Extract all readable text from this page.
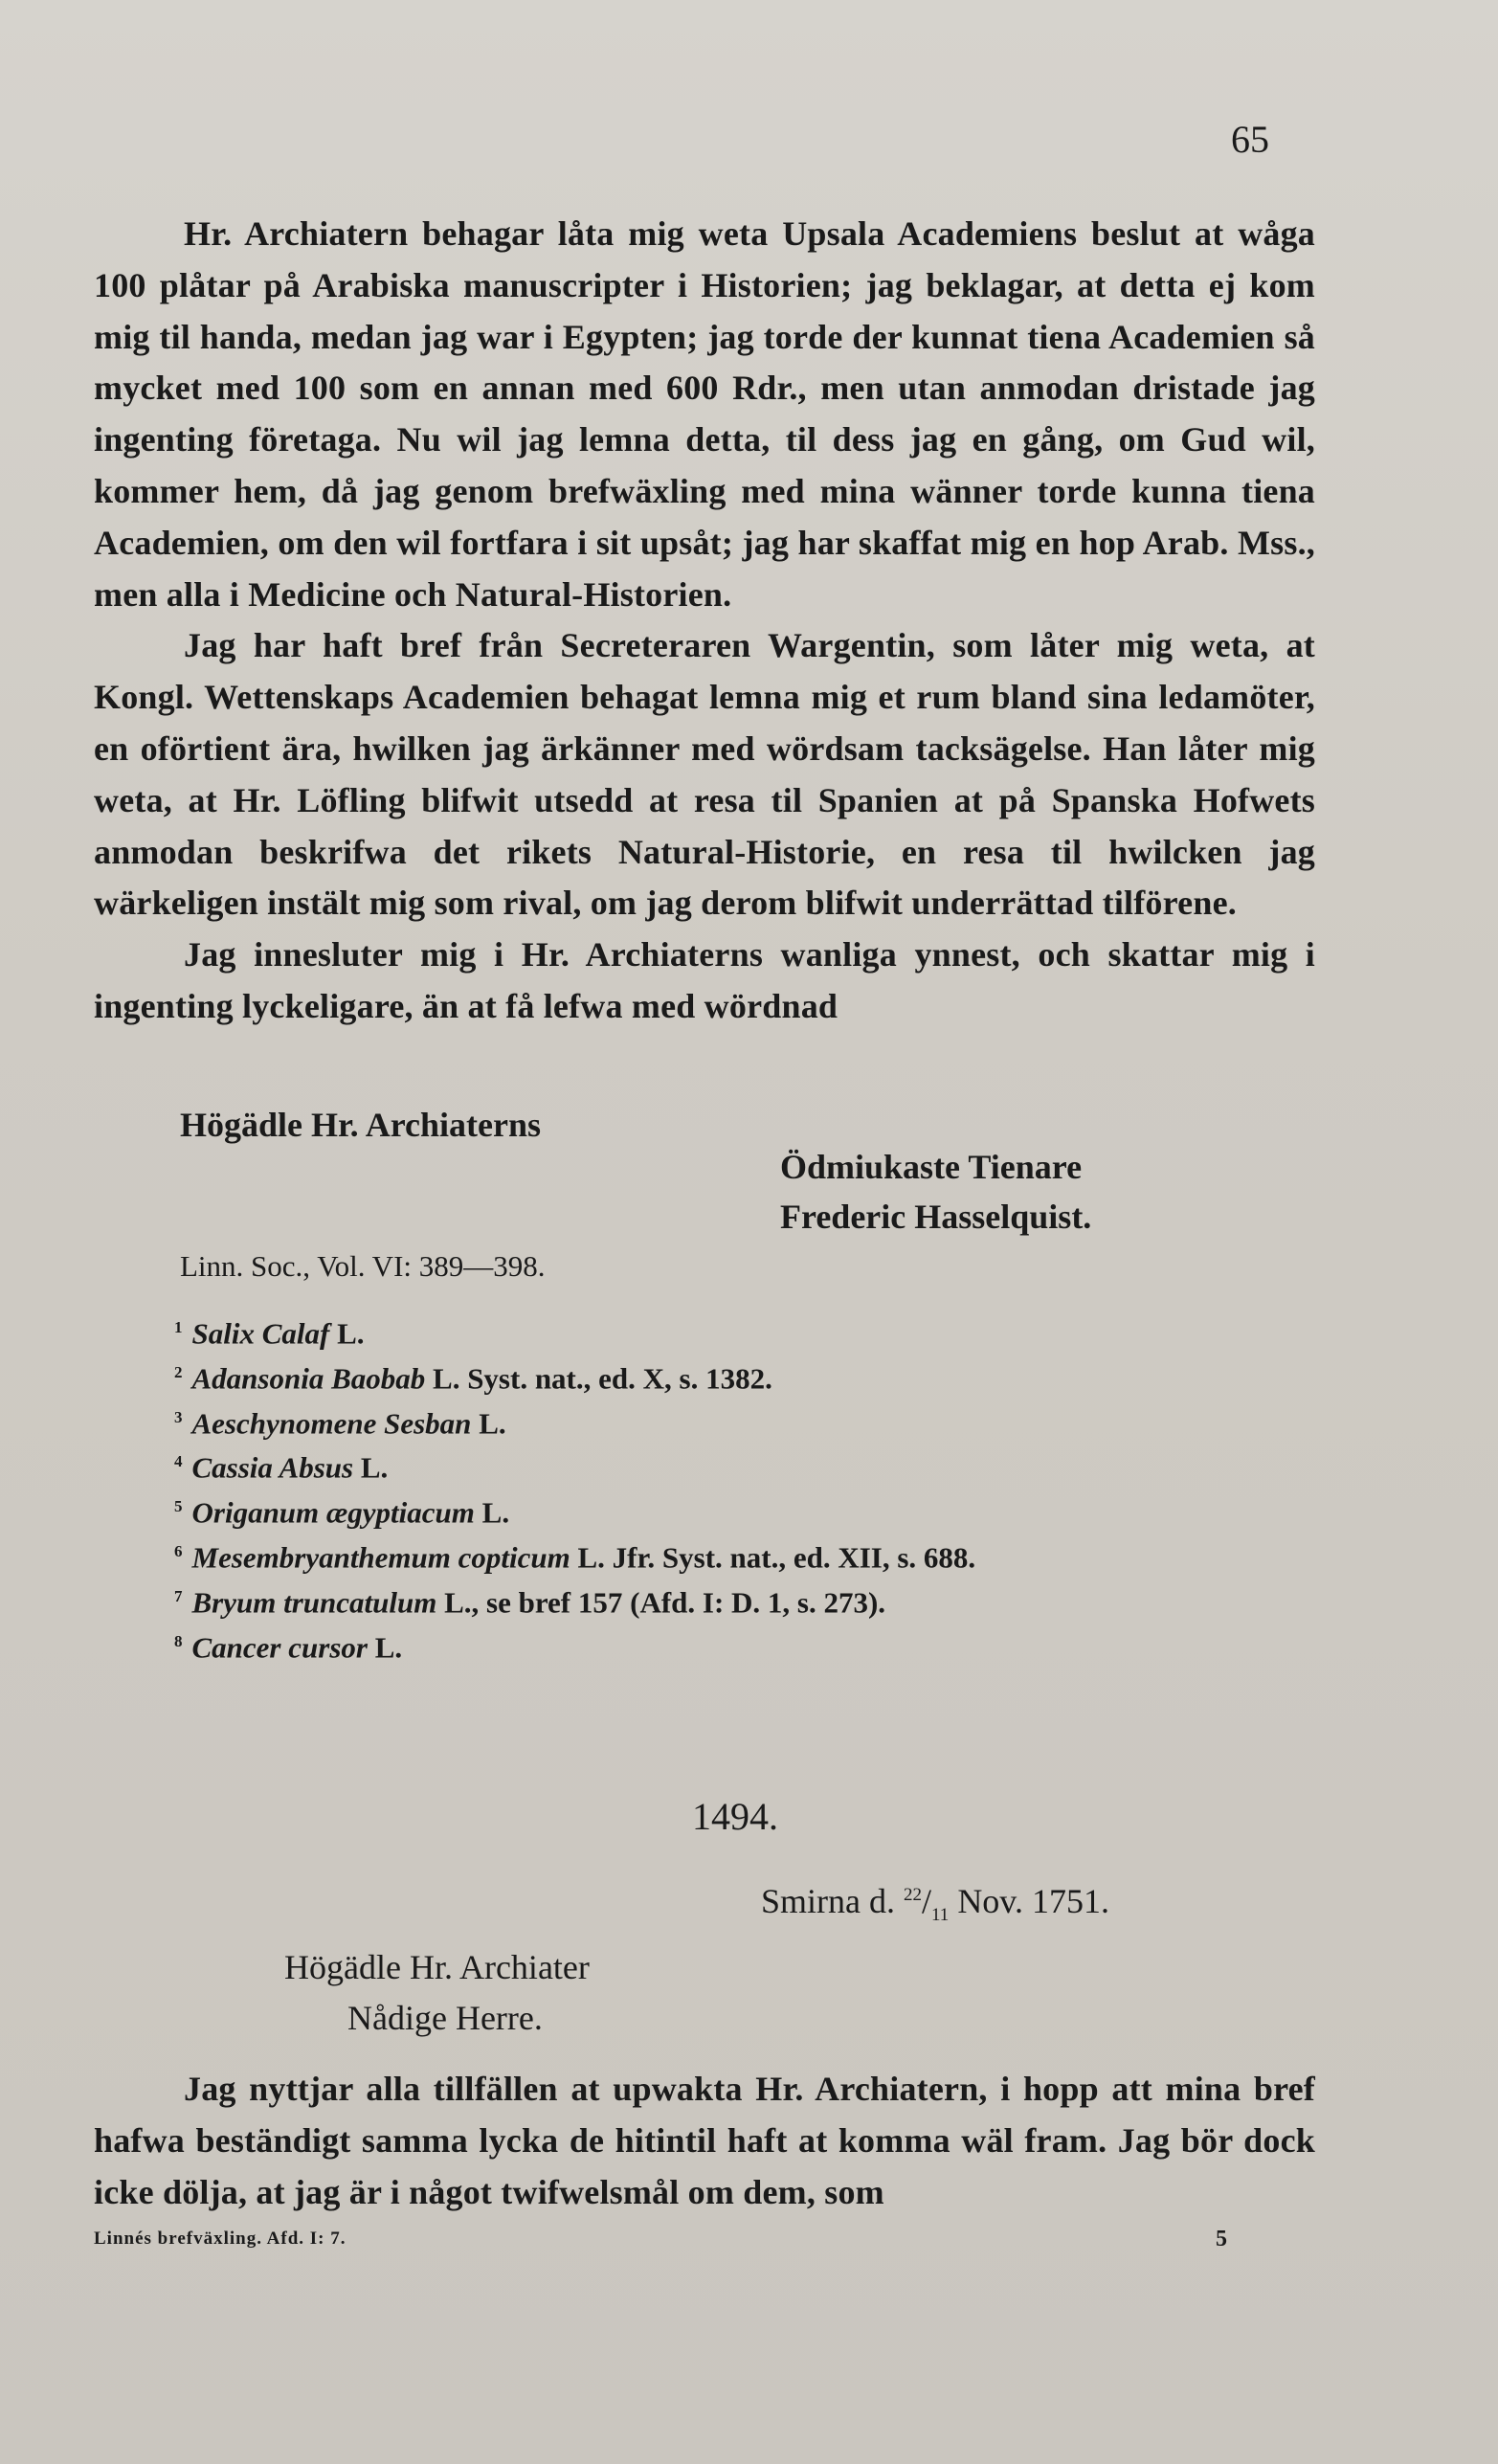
65

Hr. Archiatern behagar låta mig weta Upsala Academiens beslut at wåga 100 plåtar på Arabiska manuscripter i Historien; jag beklagar, at detta ej kom mig til handa, medan jag war i Egypten; jag torde der kunnat tiena Academien så mycket med 100 som en annan med 600 Rdr., men utan anmodan dristade jag ingenting företaga. Nu wil jag lemna detta, til dess jag en gång, om Gud wil, kommer hem, då jag genom brefwäxling med mina wänner torde kunna tiena Academien, om den wil fortfara i sit upsåt; jag har skaffat mig en hop Arab. Mss., men alla i Medicine och Natural-Historien.

Jag har haft bref från Secreteraren Wargentin, som låter mig weta, at Kongl. Wettenskaps Academien behagat lemna mig et rum bland sina ledamöter, en oförtient ära, hwilken jag ärkänner med wördsam tacksägelse. Han låter mig weta, at Hr. Löfling blifwit utsedd at resa til Spanien at på Spanska Hofwets anmodan beskrifwa det rikets Natural-Historie, en resa til hwilcken jag wärkeligen instält mig som rival, om jag derom blifwit underrättad tilförene.

Jag innesluter mig i Hr. Archiaterns wanliga ynnest, och skattar mig i ingenting lyckeligare, än at få lefwa med wördnad

Högädle Hr. Archiaterns
Ödmiukaste Tienare
Frederic Hasselquist.
Linn. Soc., Vol. VI: 389—398.
$^1$ Salix Calaf L.
$^2$ Adansonia Baobab L. Syst. nat., ed. X, s. 1382.
$^3$ Aeschynomene Sesban L.
$^4$ Cassia Absus L.
$^5$ Origanum ægyptiacum L.
$^6$ Mesembryanthemum copticum L. Jfr. Syst. nat., ed. XII, s. 688.
$^7$ Bryum truncatulum L., se bref 157 (Afd. I: D. 1, s. 273).
$^8$ Cancer cursor L.
1494.
Smirna d. $^{22}/_{11}$ Nov. 1751.
Högädle Hr. Archiater
Nådige Herre.

Jag nyttjar alla tillfällen at upwakta Hr. Archiatern, i hopp att mina bref hafwa beständigt samma lycka de hitintil haft at komma wäl fram. Jag bör dock icke dölja, at jag är i något twifwelsmål om dem, som

Linnés brefväxling. Afd. I: 7.	5
